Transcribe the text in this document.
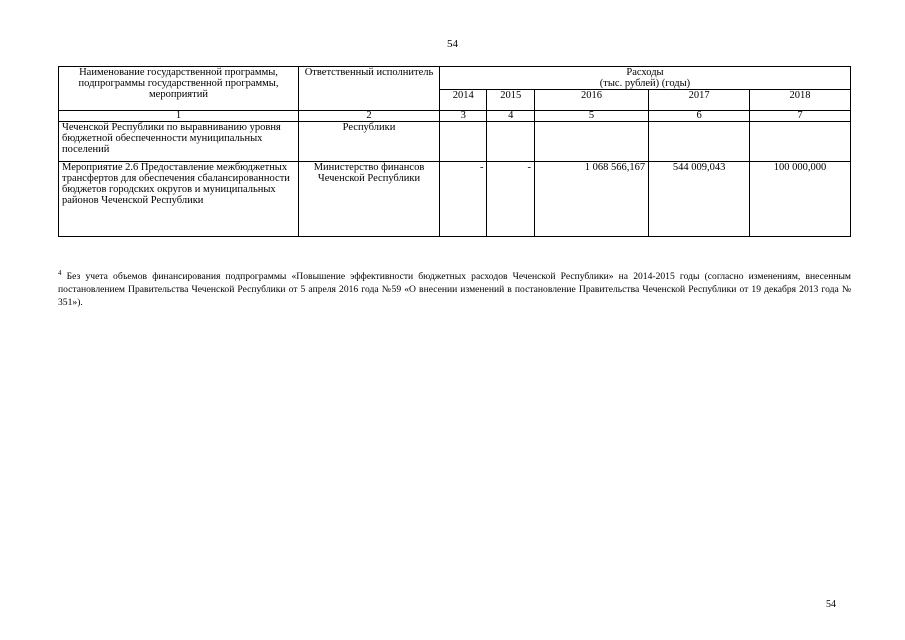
54
Наименование государственной программы, подпрограммы государственной программы, мероприятий	Ответственный исполнитель	Расходы
(тыс. рублей) (годы)				

		2014	2015	2016	2017	2018
1	2	3	4	5	6	7
Чеченской Республики по выравниванию уровня бюджетной обеспеченности муниципальных поселений	Республики					
Мероприятие 2.6 Предоставление межбюджетных трансфертов для обеспечения сбалансированности бюджетов городских округов и муниципальных районов Чеченской Республики	Министерство финансов Чеченской Республики	-	-	1 068 566,167	544 009,043	100 000,000
$^4$ Без учета объемов финансирования подпрограммы «Повышение эффективности бюджетных расходов Чеченской Республики» на 2014-2015 годы (согласно изменениям, внесенным постановлением Правительства Чеченской Республики от 5 апреля 2016 года №59 «О внесении изменений в постановление Правительства Чеченской Республики от 19 декабря 2013 года № 351»).
54
